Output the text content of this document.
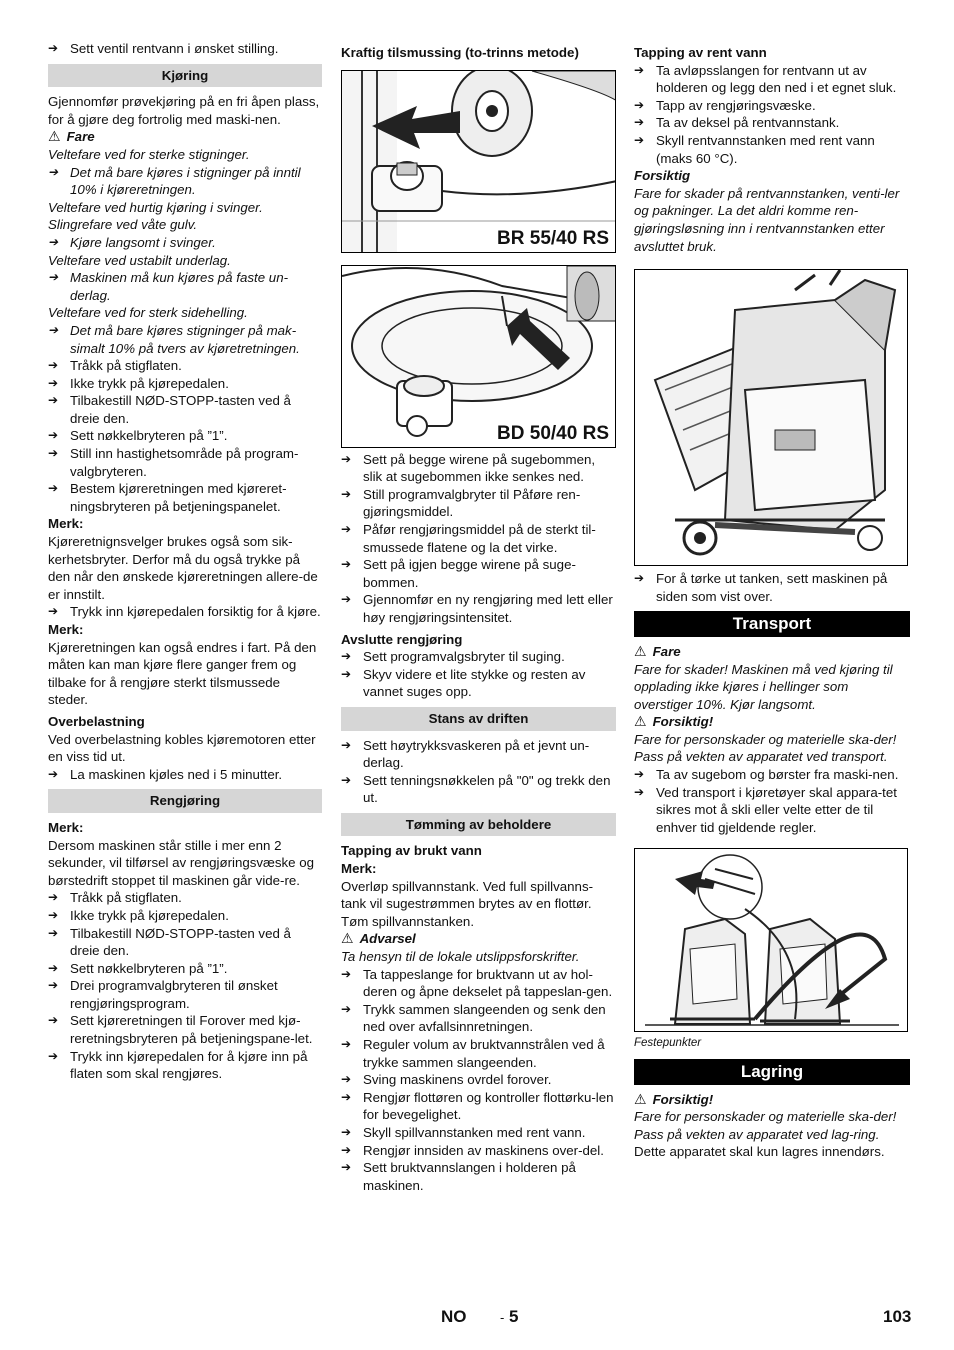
➔ Sett ventil rentvann i ønsket stilling.
Kjøring

Gjennomfør prøvekjøring på en fri åpen plass, for å gjøre deg fortrolig med maski-nen.

⚠ Fare

Veltefare ved for sterke stigninger.

➔ Det må bare kjøres i stigninger på inntil 10% i kjøreretningen.

Veltefare ved hurtig kjøring i svinger.

Slingrefare ved våte gulv.

➔ Kjøre langsomt i svinger.

Veltefare ved ustabilt underlag.

➔ Maskinen må kun kjøres på faste un-derlag.

Veltefare ved for sterk sidehelling.

➔ Det må bare kjøres stigninger på mak-simalt 10% på tvers av kjøretretningen.
➔ Tråkk på stigflaten.
➔ Ikke trykk på kjørepedalen.
➔ Tilbakestill NØD-STOPP-tasten ved å dreie den.
➔ Sett nøkkelbryteren på ”1”.
➔ Still inn hastighetsområde på program-valgbryteren.
➔ Bestem kjøreretningen med kjøreret-ningsbryteren på betjeningspanelet.

Merk:

Kjøreretnignsvelger brukes også som sik-kerhetsbryter. Derfor må du også trykke på den når den ønskede kjøreretningen allere-de er innstilt.

➔ Trykk inn kjørepedalen forsiktig for å kjøre.

Merk:

Kjøreretningen kan også endres i fart. På den måten kan man kjøre flere ganger frem og tilbake for å rengjøre sterkt tilsmussede steder.

Overbelastning

Ved overbelastning kobles kjøremotoren etter en viss tid ut.

➔ La maskinen kjøles ned i 5 minutter.
Rengjøring

Merk:

Dersom maskinen står stille i mer enn 2 sekunder, vil tilførsel av rengjøringsvæske og børstedrift stoppet til maskinen går vide-re.

➔ Tråkk på stigflaten.
➔ Ikke trykk på kjørepedalen.
➔ Tilbakestill NØD-STOPP-tasten ved å dreie den.
➔ Sett nøkkelbryteren på ”1”.
➔ Drei programvalgbryteren til ønsket rengjøringsprogram.
➔ Sett kjøreretningen til Forover med kjø-reretningsbryteren på betjeningspane-let.
➔ Trykk inn kjørepedalen for å kjøre inn på flaten som skal rengjøres.

Kraftig tilsmussing (to-trinns metode)

BR 55/40 RS
BD 50/40 RS
➔ Sett på begge wirene på sugebommen, slik at sugebommen ikke senkes ned.
➔ Still programvalgbryter til Påføre ren-gjøringsmiddel.
➔ Påfør rengjøringsmiddel på de sterkt til-smussede flatene og la det virke.
➔ Sett på igjen begge wirene på suge-bommen.
➔ Gjennomfør en ny rengjøring med lett eller høy rengjøringsintensitet.

Avslutte rengjøring

➔ Sett programvalgsbryter til suging.
➔ Skyv videre et lite stykke og resten av vannet suges opp.
Stans av driften
➔ Sett høytrykksvaskeren på et jevnt un-derlag.
➔ Sett tenningsnøkkelen på "0" og trekk den ut.
Tømming av beholdere

Tapping av brukt vann

Merk:

Overløp spillvannstank. Ved full spillvanns-tank vil sugestrømmen brytes av en flottør. Tøm spillvannstanken.

⚠ Advarsel

Ta hensyn til de lokale utslippsforskrifter.

➔ Ta tappeslange for bruktvann ut av hol-deren og åpne dekselet på tappeslan-gen.
➔ Trykk sammen slangeenden og senk den ned over avfallsinnretningen.
➔ Reguler volum av bruktvannstrålen ved å trykke sammen slangeenden.
➔ Sving maskinens ovrdel forover.
➔ Rengjør flottøren og kontroller flottørku-len for bevegelighet.
➔ Skyll spillvannstanken med rent vann.
➔ Rengjør innsiden av maskinens over-del.
➔ Sett bruktvannslangen i holderen på maskinen.

Tapping av rent vann

➔ Ta avløpsslangen for rentvann ut av holderen og legg den ned i et egnet sluk.
➔ Tapp av rengjøringsvæske.
➔ Ta av deksel på rentvannstank.
➔ Skyll rentvannstanken med rent vann (maks 60 °C).

Forsiktig

Fare for skader på rentvannstanken, venti-ler og pakninger. La det aldri komme ren-gjøringsløsning inn i rentvannstanken etter avsluttet bruk.

➔ For å tørke ut tanken, sett maskinen på siden som vist over.
Transport
⚠ Fare

Fare for skader! Maskinen må ved kjøring til opplading ikke kjøres i hellinger som overstiger 10%. Kjør langsomt.

⚠ Forsiktig!

Fare for personskader og materielle ska-der! Pass på vekten av apparatet ved transport.

➔ Ta av sugebom og børster fra maski-nen.
➔ Ved transport i kjøretøyer skal appara-tet sikres mot å skli eller velte etter de til enhver tid gjeldende regler.

Festepunkter

Lagring
⚠ Forsiktig!

Fare for personskader og materielle ska-der! Pass på vekten av apparatet ved lag-ring.

Dette apparatet skal kun lagres innendørs.

NO	- 5	103
